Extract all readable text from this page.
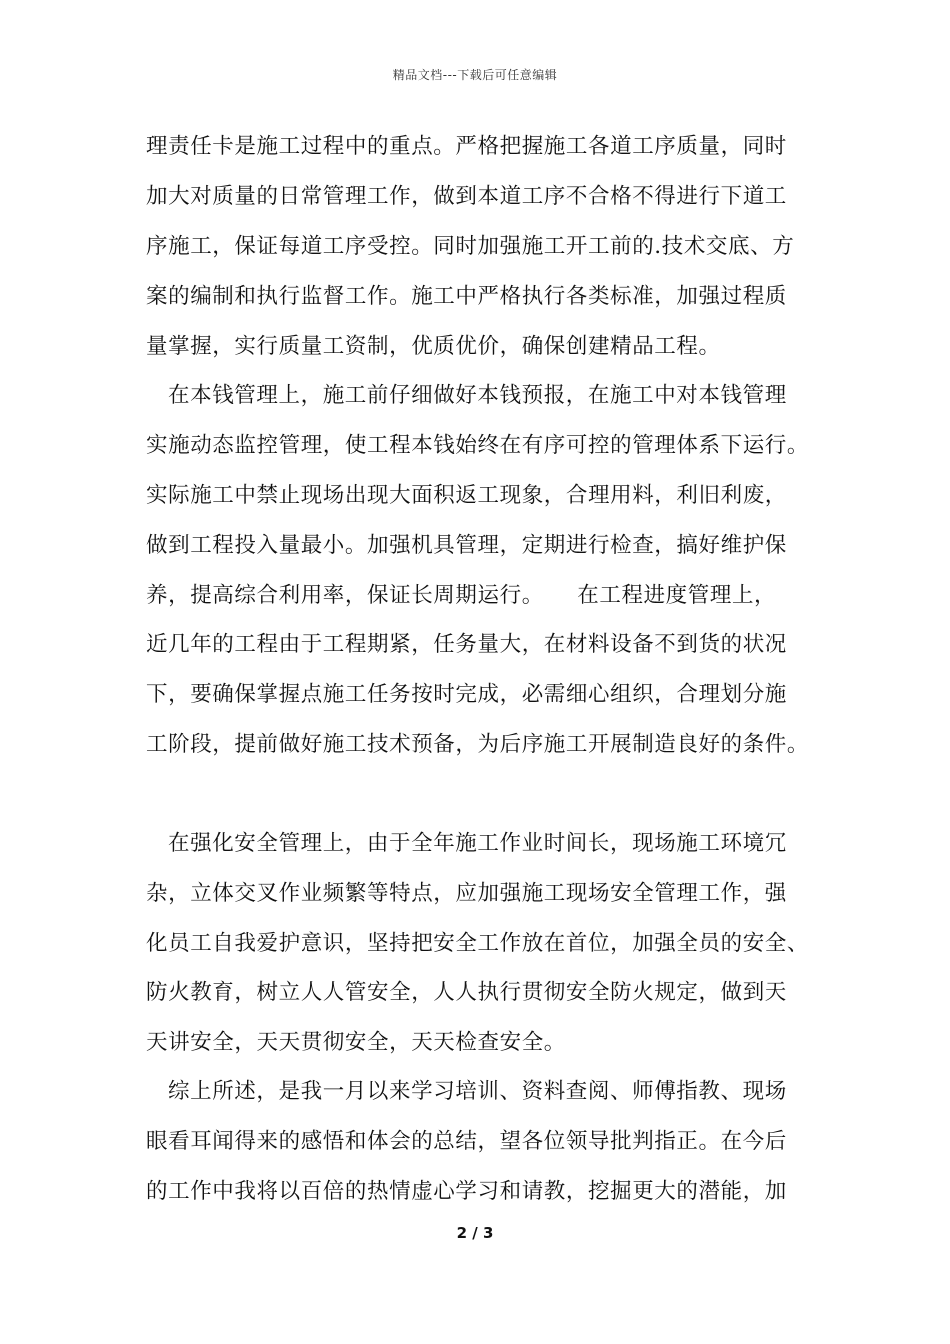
精品文档---下载后可任意编辑
理责任卡是施工过程中的重点。严格把握施工各道工序质量，同时
加大对质量的日常管理工作，做到本道工序不合格不得进行下道工
序施工，保证每道工序受控。同时加强施工开工前的.技术交底、方
案的编制和执行监督工作。施工中严格执行各类标准，加强过程质
量掌握，实行质量工资制，优质优价，确保创建精品工程。
在本钱管理上，施工前仔细做好本钱预报，在施工中对本钱管理
实施动态监控管理，使工程本钱始终在有序可控的管理体系下运行。
实际施工中禁止现场出现大面积返工现象，合理用料，利旧利废，
做到工程投入量最小。加强机具管理，定期进行检查，搞好维护保
养，提高综合利用率，保证长周期运行。　　在工程进度管理上，
近几年的工程由于工程期紧，任务量大，在材料设备不到货的状况
下，要确保掌握点施工任务按时完成，必需细心组织，合理划分施
工阶段，提前做好施工技术预备，为后序施工开展制造良好的条件。
在强化安全管理上，由于全年施工作业时间长，现场施工环境冗
杂，立体交叉作业频繁等特点，应加强施工现场安全管理工作，强
化员工自我爱护意识，坚持把安全工作放在首位，加强全员的安全、
防火教育，树立人人管安全，人人执行贯彻安全防火规定，做到天
天讲安全，天天贯彻安全，天天检查安全。
综上所述，是我一月以来学习培训、资料查阅、师傅指教、现场
眼看耳闻得来的感悟和体会的总结，望各位领导批判指正。在今后
的工作中我将以百倍的热情虚心学习和请教，挖掘更大的潜能，加
2 / 3
